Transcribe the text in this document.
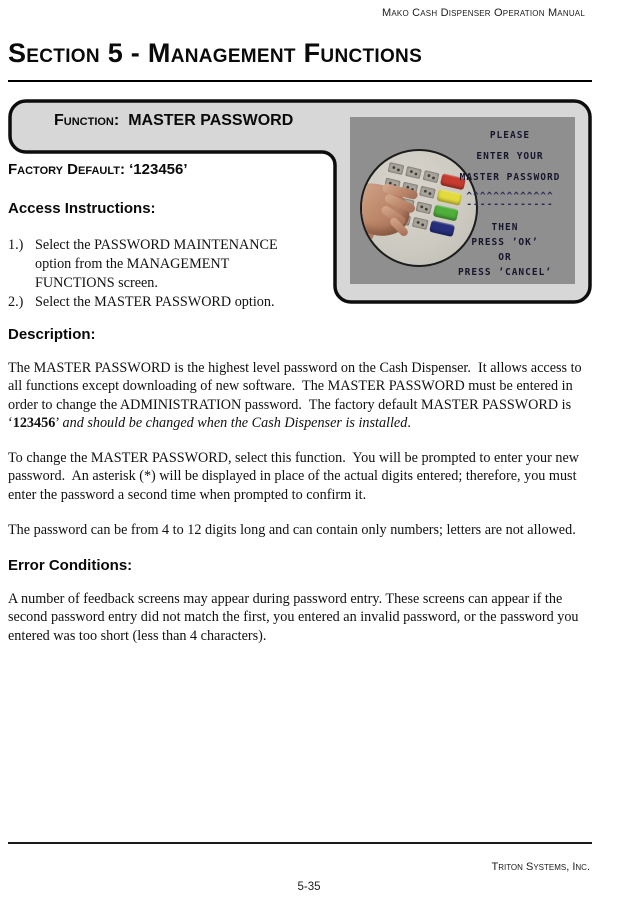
Mako Cash Dispenser Operation Manual
Section 5 - Management Functions
Function: MASTER PASSWORD
PLEASE
ENTER YOUR
MASTER PASSWORD
^^^^^^^^^^^^^
-------------
THEN
PRESS ’OK’
OR
PRESS ’CANCEL’
Factory Default: ‘123456’
Access Instructions:
1.) Select the PASSWORD MAINTENANCE option from the MANAGEMENT FUNCTIONS screen.
2.) Select the MASTER PASSWORD option.
Description:
The MASTER PASSWORD is the highest level password on the Cash Dispenser.  It allows access to all functions except downloading of new software.  The MASTER PASSWORD must be entered in order to change the ADMINISTRATION password.  The factory default MASTER PASSWORD is ‘123456’ and should be changed when the Cash Dispenser is installed.
To change the MASTER PASSWORD, select this function.  You will be prompted to enter your new password.  An asterisk (*) will be displayed in place of the actual digits entered; therefore, you must enter the password a second time when prompted to confirm it.
The password can be from 4 to 12 digits long and can contain only numbers; letters are not allowed.
Error Conditions:
A number of feedback screens may appear during password entry. These screens can appear if the second password entry did not match the first, you entered an invalid password, or the password you entered was too short (less than 4 characters).
Triton Systems, Inc.
5-35
